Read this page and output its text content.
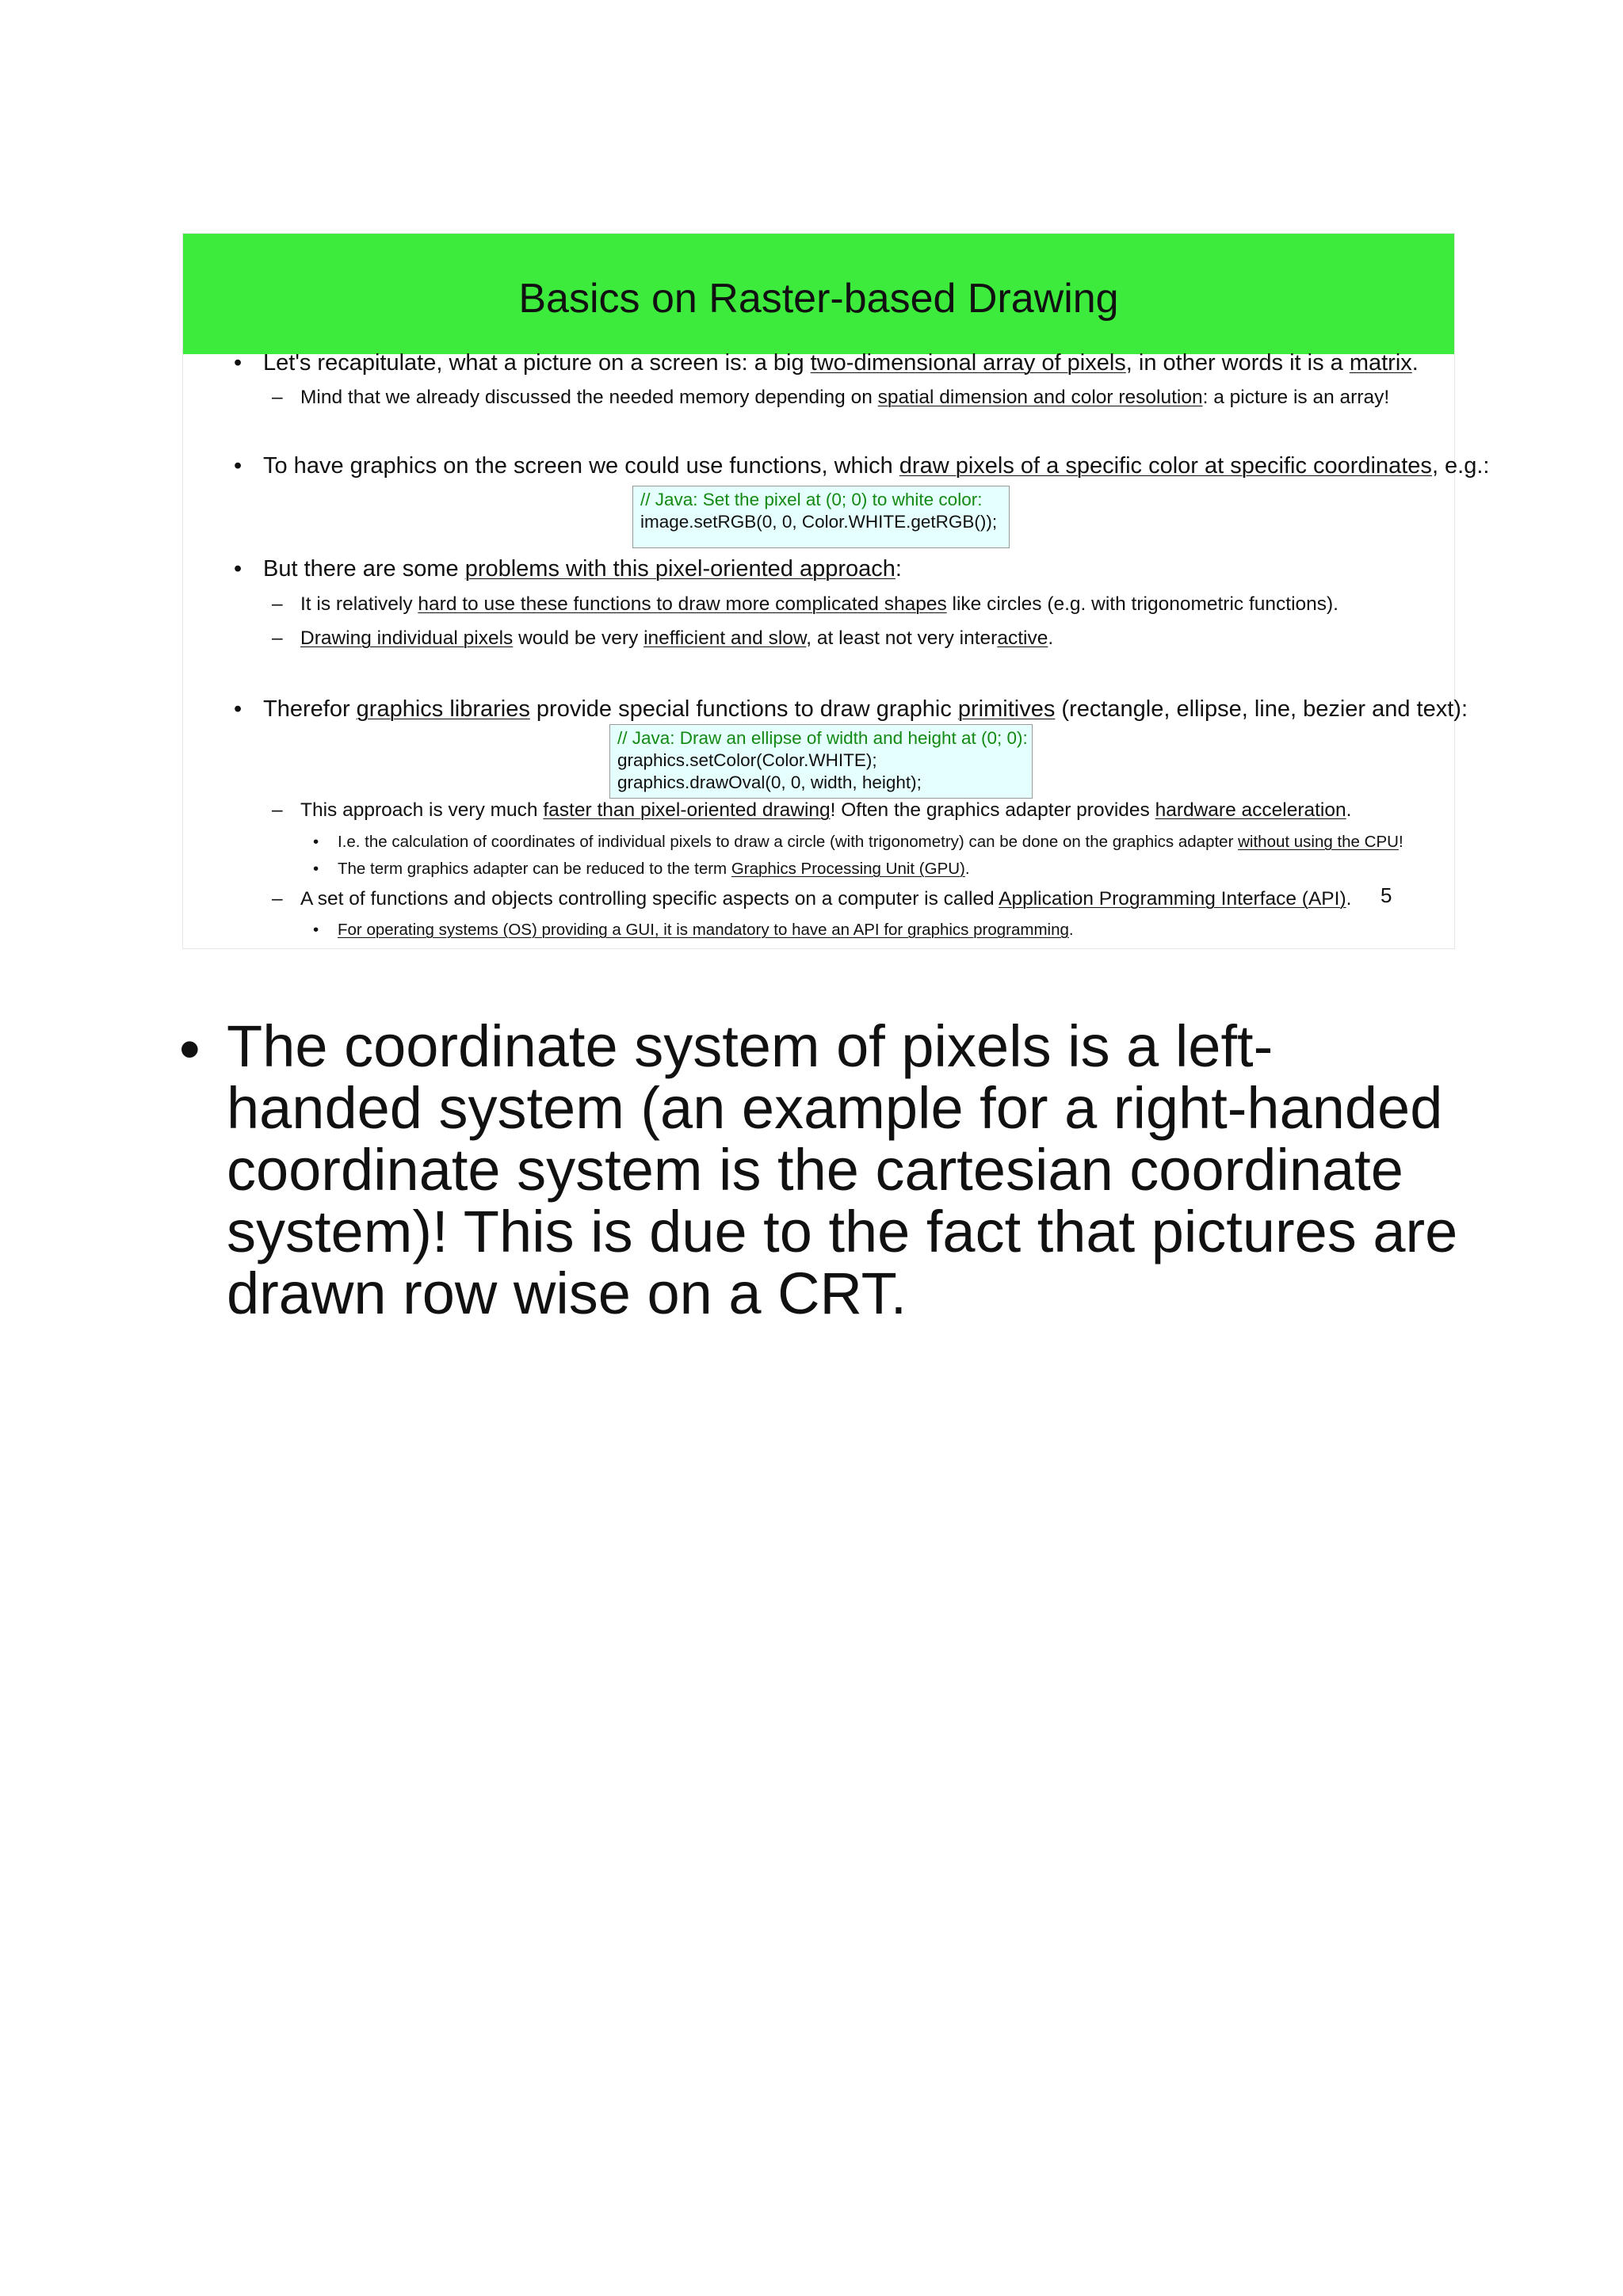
Basics on Raster-based Drawing
• Let's recapitulate, what a picture on a screen is: a big two-dimensional array of pixels, in other words it is a matrix.
– Mind that we already discussed the needed memory depending on spatial dimension and color resolution: a picture is an array!
• To have graphics on the screen we could use functions, which draw pixels of a specific color at specific coordinates, e.g.:
// Java: Set the pixel at (0; 0) to white color:
image.setRGB(0, 0, Color.WHITE.getRGB());
• But there are some problems with this pixel-oriented approach:
– It is relatively hard to use these functions to draw more complicated shapes like circles (e.g. with trigonometric functions).
– Drawing individual pixels would be very inefficient and slow, at least not very interactive.
• Therefor graphics libraries provide special functions to draw graphic primitives (rectangle, ellipse, line, bezier and text):
// Java: Draw an ellipse of width and height at (0; 0):
graphics.setColor(Color.WHITE);
graphics.drawOval(0, 0, width, height);
– This approach is very much faster than pixel-oriented drawing! Often the graphics adapter provides hardware acceleration.
• I.e. the calculation of coordinates of individual pixels to draw a circle (with trigonometry) can be done on the graphics adapter without using the CPU!
• The term graphics adapter can be reduced to the term Graphics Processing Unit (GPU).
– A set of functions and objects controlling specific aspects on a computer is called Application Programming Interface (API). 5
• For operating systems (OS) providing a GUI, it is mandatory to have an API for graphics programming.
• The coordinate system of pixels is a left-handed system (an example for a right-handed coordinate system is the cartesian coordinate system)! This is due to the fact that pictures are drawn row wise on a CRT.
